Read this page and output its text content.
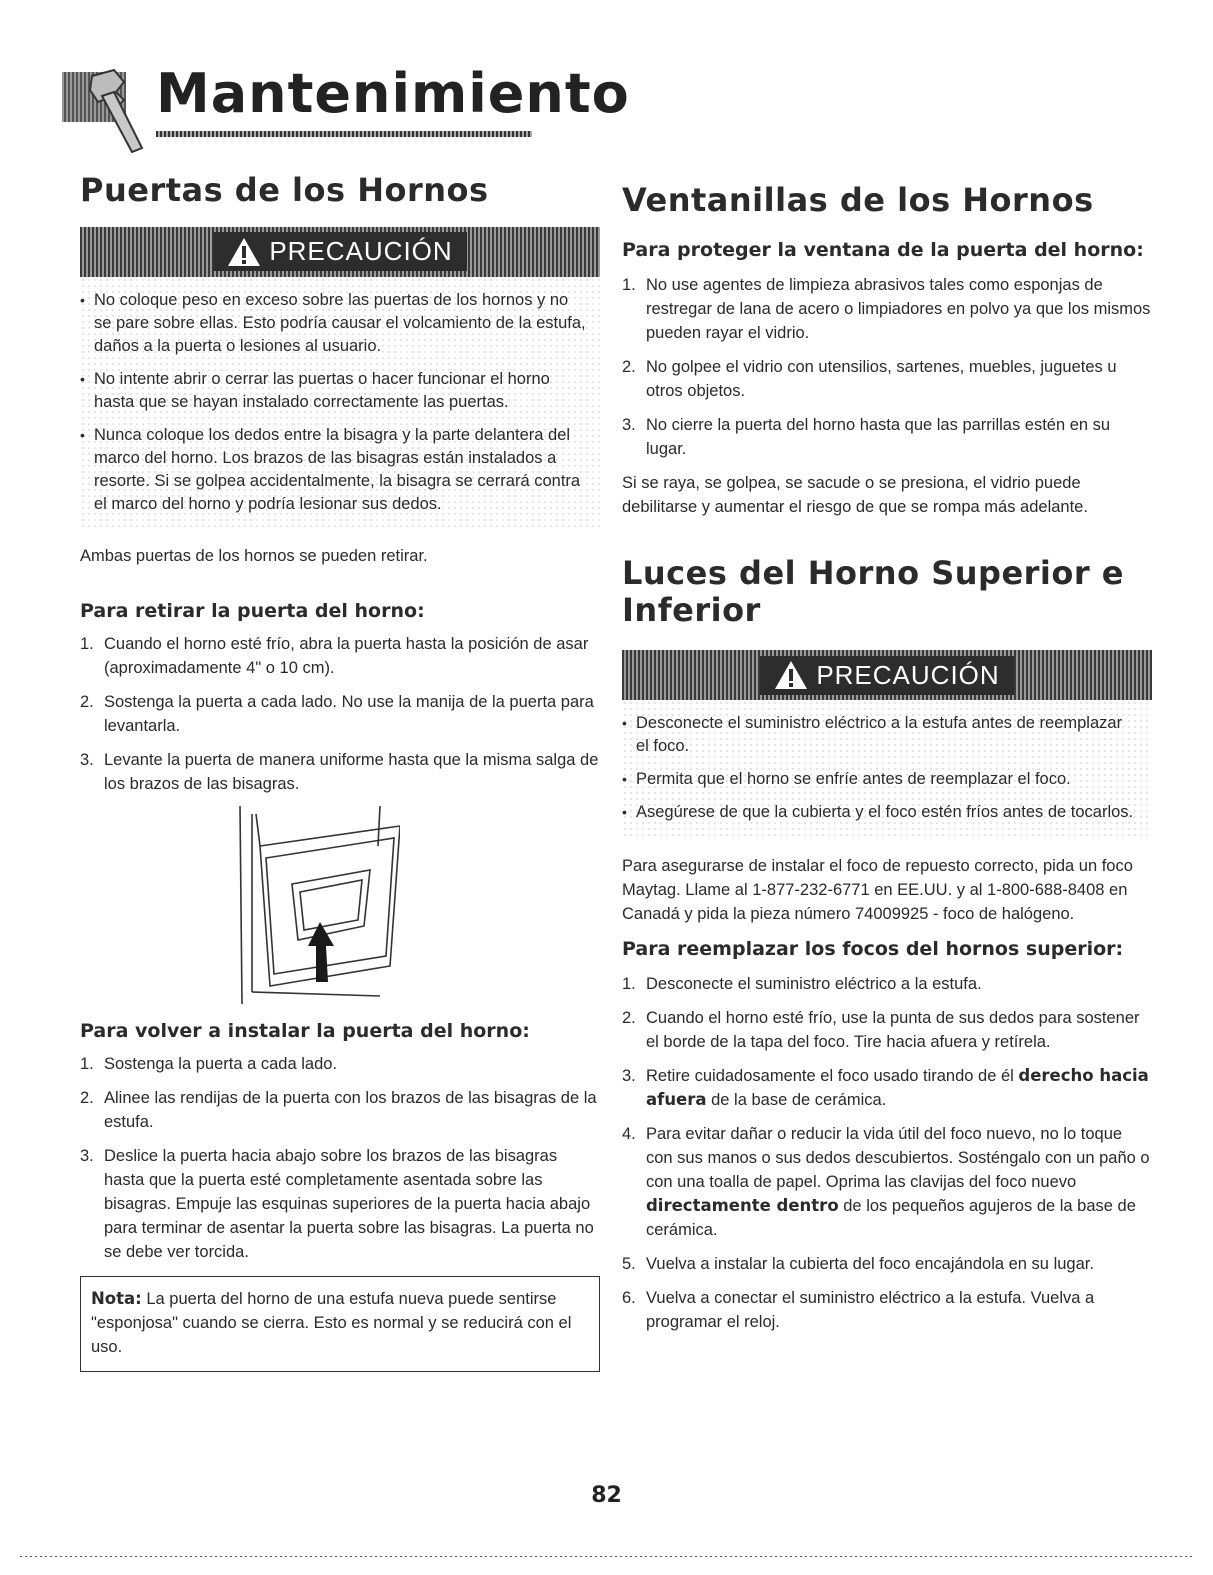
Mantenimiento
Puertas de los Hornos
PRECAUCIÓN
• No coloque peso en exceso sobre las puertas de los hornos y no se pare sobre ellas. Esto podría causar el volcamiento de la estufa, daños a la puerta o lesiones al usuario.
• No intente abrir o cerrar las puertas o hacer funcionar el horno hasta que se hayan instalado correctamente las puertas.
• Nunca coloque los dedos entre la bisagra y la parte delantera del marco del horno. Los brazos de las bisagras están instalados a resorte. Si se golpea accidentalmente, la bisagra se cerrará contra el marco del horno y podría lesionar sus dedos.

Ambas puertas de los hornos se pueden retirar.

Para retirar la puerta del horno:
1. Cuando el horno esté frío, abra la puerta hasta la posición de asar (aproximadamente 4" o 10 cm).
2. Sostenga la puerta a cada lado. No use la manija de la puerta para levantarla.
3. Levante la puerta de manera uniforme hasta que la misma salga de los brazos de las bisagras.
Para volver a instalar la puerta del horno:
1. Sostenga la puerta a cada lado.
2. Alinee las rendijas de la puerta con los brazos de las bisagras de la estufa.
3. Deslice la puerta hacia abajo sobre los brazos de las bisagras hasta que la puerta esté completamente asentada sobre las bisagras. Empuje las esquinas superiores de la puerta hacia abajo para terminar de asentar la puerta sobre las bisagras. La puerta no se debe ver torcida.
Nota: La puerta del horno de una estufa nueva puede sentirse "esponjosa" cuando se cierra. Esto es normal y se reducirá con el uso.
Ventanillas de los Hornos
Para proteger la ventana de la puerta del horno:
1. No use agentes de limpieza abrasivos tales como esponjas de restregar de lana de acero o limpiadores en polvo ya que los mismos pueden rayar el vidrio.
2. No golpee el vidrio con utensilios, sartenes, muebles, juguetes u otros objetos.
3. No cierre la puerta del horno hasta que las parrillas estén en su lugar.

Si se raya, se golpea, se sacude o se presiona, el vidrio puede debilitarse y aumentar el riesgo de que se rompa más adelante.

Luces del Horno Superior e Inferior
PRECAUCIÓN
• Desconecte el suministro eléctrico a la estufa antes de reemplazar el foco.
• Permita que el horno se enfríe antes de reemplazar el foco.
• Asegúrese de que la cubierta y el foco estén fríos antes de tocarlos.

Para asegurarse de instalar el foco de repuesto correcto, pida un foco Maytag. Llame al 1-877-232-6771 en EE.UU. y al 1-800-688-8408 en Canadá y pida la pieza número 74009925 - foco de halógeno.

Para reemplazar los focos del hornos superior:
1. Desconecte el suministro eléctrico a la estufa.
2. Cuando el horno esté frío, use la punta de sus dedos para sostener el borde de la tapa del foco. Tire hacia afuera y retírela.
3. Retire cuidadosamente el foco usado tirando de él derecho hacia afuera de la base de cerámica.
4. Para evitar dañar o reducir la vida útil del foco nuevo, no lo toque con sus manos o sus dedos descubiertos. Sosténgalo con un paño o con una toalla de papel. Oprima las clavijas del foco nuevo directamente dentro de los pequeños agujeros de la base de cerámica.
5. Vuelva a instalar la cubierta del foco encajándola en su lugar.
6. Vuelva a conectar el suministro eléctrico a la estufa. Vuelva a programar el reloj.
82
